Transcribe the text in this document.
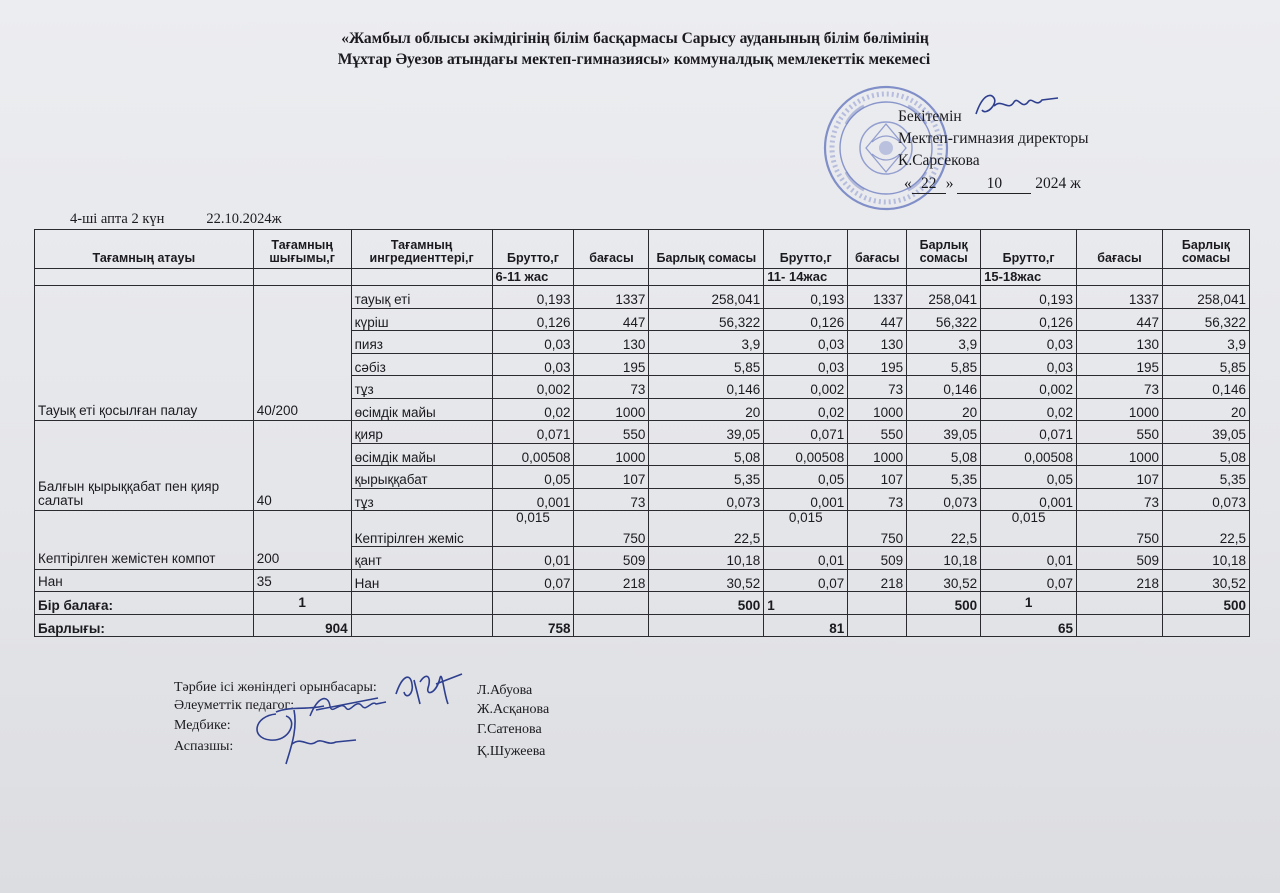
«Жамбыл облысы әкімдігінің білім басқармасы Сарысу ауданының білім бөлімінің
Мұхтар Әуезов атындағы мектеп-гимназиясы» коммуналдық мемлекеттік мекемесі
Бекітемін
Мектеп-гимназия директоры
К.Сарсекова
« 22 » 10 2024 ж
4-ші апта 2 күн	22.10.2024ж
Тағамның атауы	Тағамның шығымы,г	Тағамның ингредиенттері,г	Брутто,г	бағасы	Барлық сомасы	Брутто,г	бағасы	Барлық сомасы	Брутто,г	бағасы	Барлық сомасы
			6-11 жас			11- 14жас			15-18жас		
Тауық еті қосылған палау	40/200	тауық еті	0,193	1337	258,041	0,193	1337	258,041	0,193	1337	258,041
		күріш	0,126	447	56,322	0,126	447	56,322	0,126	447	56,322
		пияз	0,03	130	3,9	0,03	130	3,9	0,03	130	3,9
		сәбіз	0,03	195	5,85	0,03	195	5,85	0,03	195	5,85
		тұз	0,002	73	0,146	0,002	73	0,146	0,002	73	0,146
		өсімдік майы	0,02	1000	20	0,02	1000	20	0,02	1000	20
Балғын қырыққабат пен қияр салаты	40	қияр	0,071	550	39,05	0,071	550	39,05	0,071	550	39,05
		өсімдік майы	0,00508	1000	5,08	0,00508	1000	5,08	0,00508	1000	5,08
		қырыққабат	0,05	107	5,35	0,05	107	5,35	0,05	107	5,35
		тұз	0,001	73	0,073	0,001	73	0,073	0,001	73	0,073
Кептірілген жемістен компот	200	Кептірілген жеміс	0,015	750	22,5	0,015	750	22,5	0,015	750	22,5
		қант	0,01	509	10,18	0,01	509	10,18	0,01	509	10,18
Нан	35	Нан	0,07	218	30,52	0,07	218	30,52	0,07	218	30,52
Бір балаға:	1				500	1		500	1		500
Барлығы:	904		758			81			65		
Тәрбие ісі жөніндегі орынбасары:	Л.Абуова
Әлеуметтік педагог:	Ж.Асқанова
Медбике:	Г.Сатенова
Аспазшы:	Қ.Шужеева
